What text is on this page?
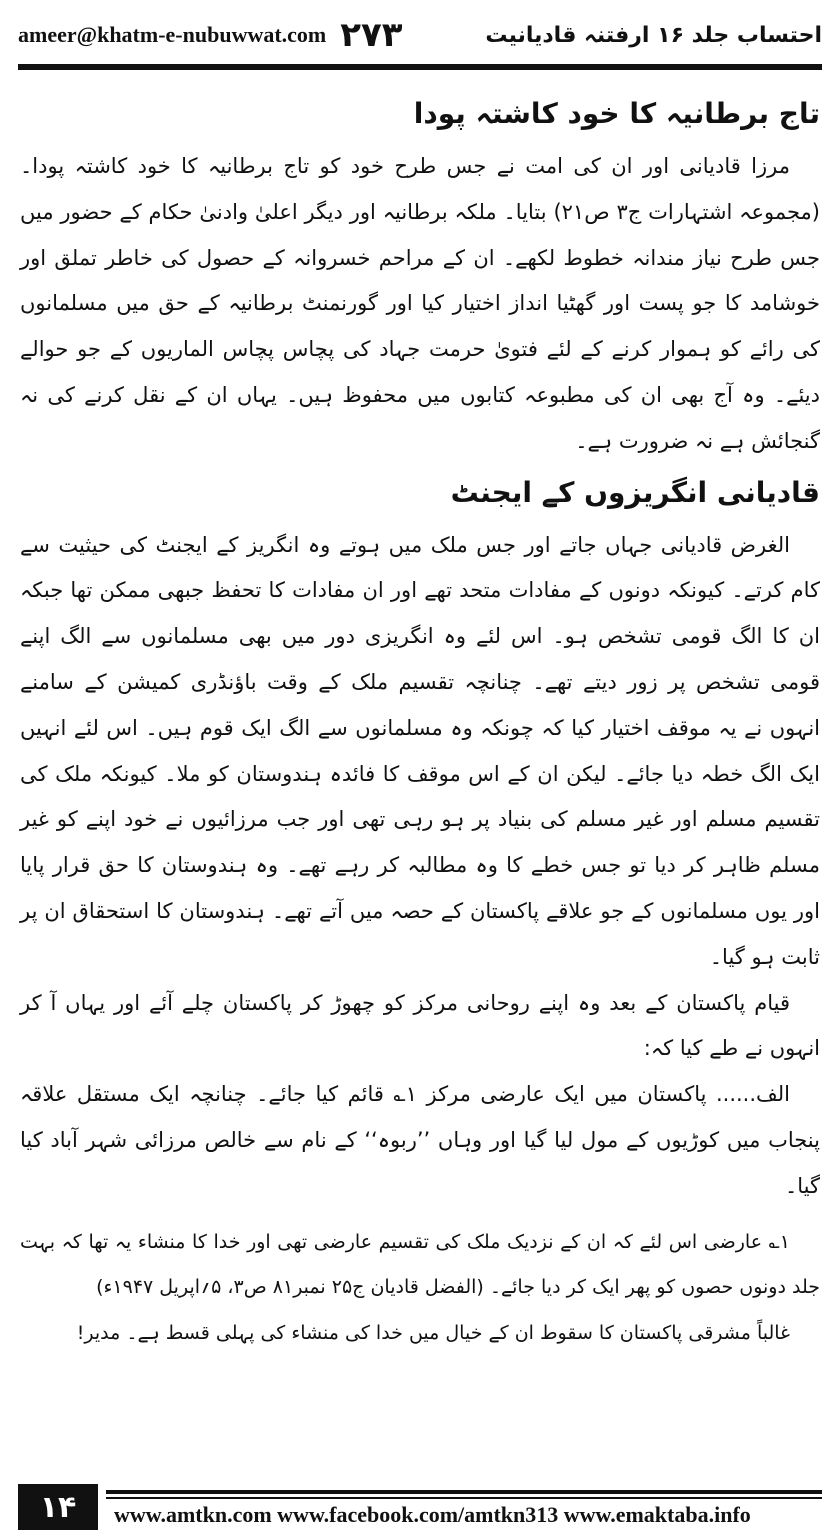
ameer@khatm-e-nubuwwat.com ۲۷۳	احتساب جلد ۱۶ ارفتنہ قادیانیت
تاج برطانیہ کا خود کاشتہ پودا

مرزا قادیانی اور ان کی امت نے جس طرح خود کو تاج برطانیہ کا خود کاشتہ پودا۔ (مجموعہ اشتہارات ج۳ ص۲۱) بتایا۔ ملکہ برطانیہ اور دیگر اعلیٰ وادنیٰ حکام کے حضور میں جس طرح نیاز مندانہ خطوط لکھے۔ ان کے مراحم خسروانہ کے حصول کی خاطر تملق اور خوشامد کا جو پست اور گھٹیا انداز اختیار کیا اور گورنمنٹ برطانیہ کے حق میں مسلمانوں کی رائے کو ہموار کرنے کے لئے فتویٰ حرمت جہاد کی پچاس پچاس الماریوں کے جو حوالے دیئے۔ وہ آج بھی ان کی مطبوعہ کتابوں میں محفوظ ہیں۔ یہاں ان کے نقل کرنے کی نہ گنجائش ہے نہ ضرورت ہے۔

قادیانی انگریزوں کے ایجنٹ

الغرض قادیانی جہاں جاتے اور جس ملک میں ہوتے وہ انگریز کے ایجنٹ کی حیثیت سے کام کرتے۔ کیونکہ دونوں کے مفادات متحد تھے اور ان مفادات کا تحفظ جبھی ممکن تھا جبکہ ان کا الگ قومی تشخص ہو۔ اس لئے وہ انگریزی دور میں بھی مسلمانوں سے الگ اپنے قومی تشخص پر زور دیتے تھے۔ چنانچہ تقسیم ملک کے وقت باؤنڈری کمیشن کے سامنے انہوں نے یہ موقف اختیار کیا کہ چونکہ وہ مسلمانوں سے الگ ایک قوم ہیں۔ اس لئے انہیں ایک الگ خطہ دیا جائے۔ لیکن ان کے اس موقف کا فائدہ ہندوستان کو ملا۔ کیونکہ ملک کی تقسیم مسلم اور غیر مسلم کی بنیاد پر ہو رہی تھی اور جب مرزائیوں نے خود اپنے کو غیر مسلم ظاہر کر دیا تو جس خطے کا وہ مطالبہ کر رہے تھے۔ وہ ہندوستان کا حق قرار پایا اور یوں مسلمانوں کے جو علاقے پاکستان کے حصہ میں آتے تھے۔ ہندوستان کا استحقاق ان پر ثابت ہو گیا۔

قیام پاکستان کے بعد وہ اپنے روحانی مرکز کو چھوڑ کر پاکستان چلے آئے اور یہاں آ کر انہوں نے طے کیا کہ:

الف...... پاکستان میں ایک عارضی مرکز ۱؎ قائم کیا جائے۔ چنانچہ ایک مستقل علاقہ پنجاب میں کوڑیوں کے مول لیا گیا اور وہاں ’’ربوہ‘‘ کے نام سے خالص مرزائی شہر آباد کیا گیا۔

۱؎ عارضی اس لئے کہ ان کے نزدیک ملک کی تقسیم عارضی تھی اور خدا کا منشاء یہ تھا کہ بہت جلد دونوں حصوں کو پھر ایک کر دیا جائے۔ (الفضل قادیان ج۲۵ نمبر۸۱ ص۳، ۵؍اپریل ۱۹۴۷ء)

غالباً مشرقی پاکستان کا سقوط ان کے خیال میں خدا کی منشاء کی پہلی قسط ہے۔ مدیر!

۱۴	www.amtkn.com www.facebook.com/amtkn313 www.emaktaba.info
